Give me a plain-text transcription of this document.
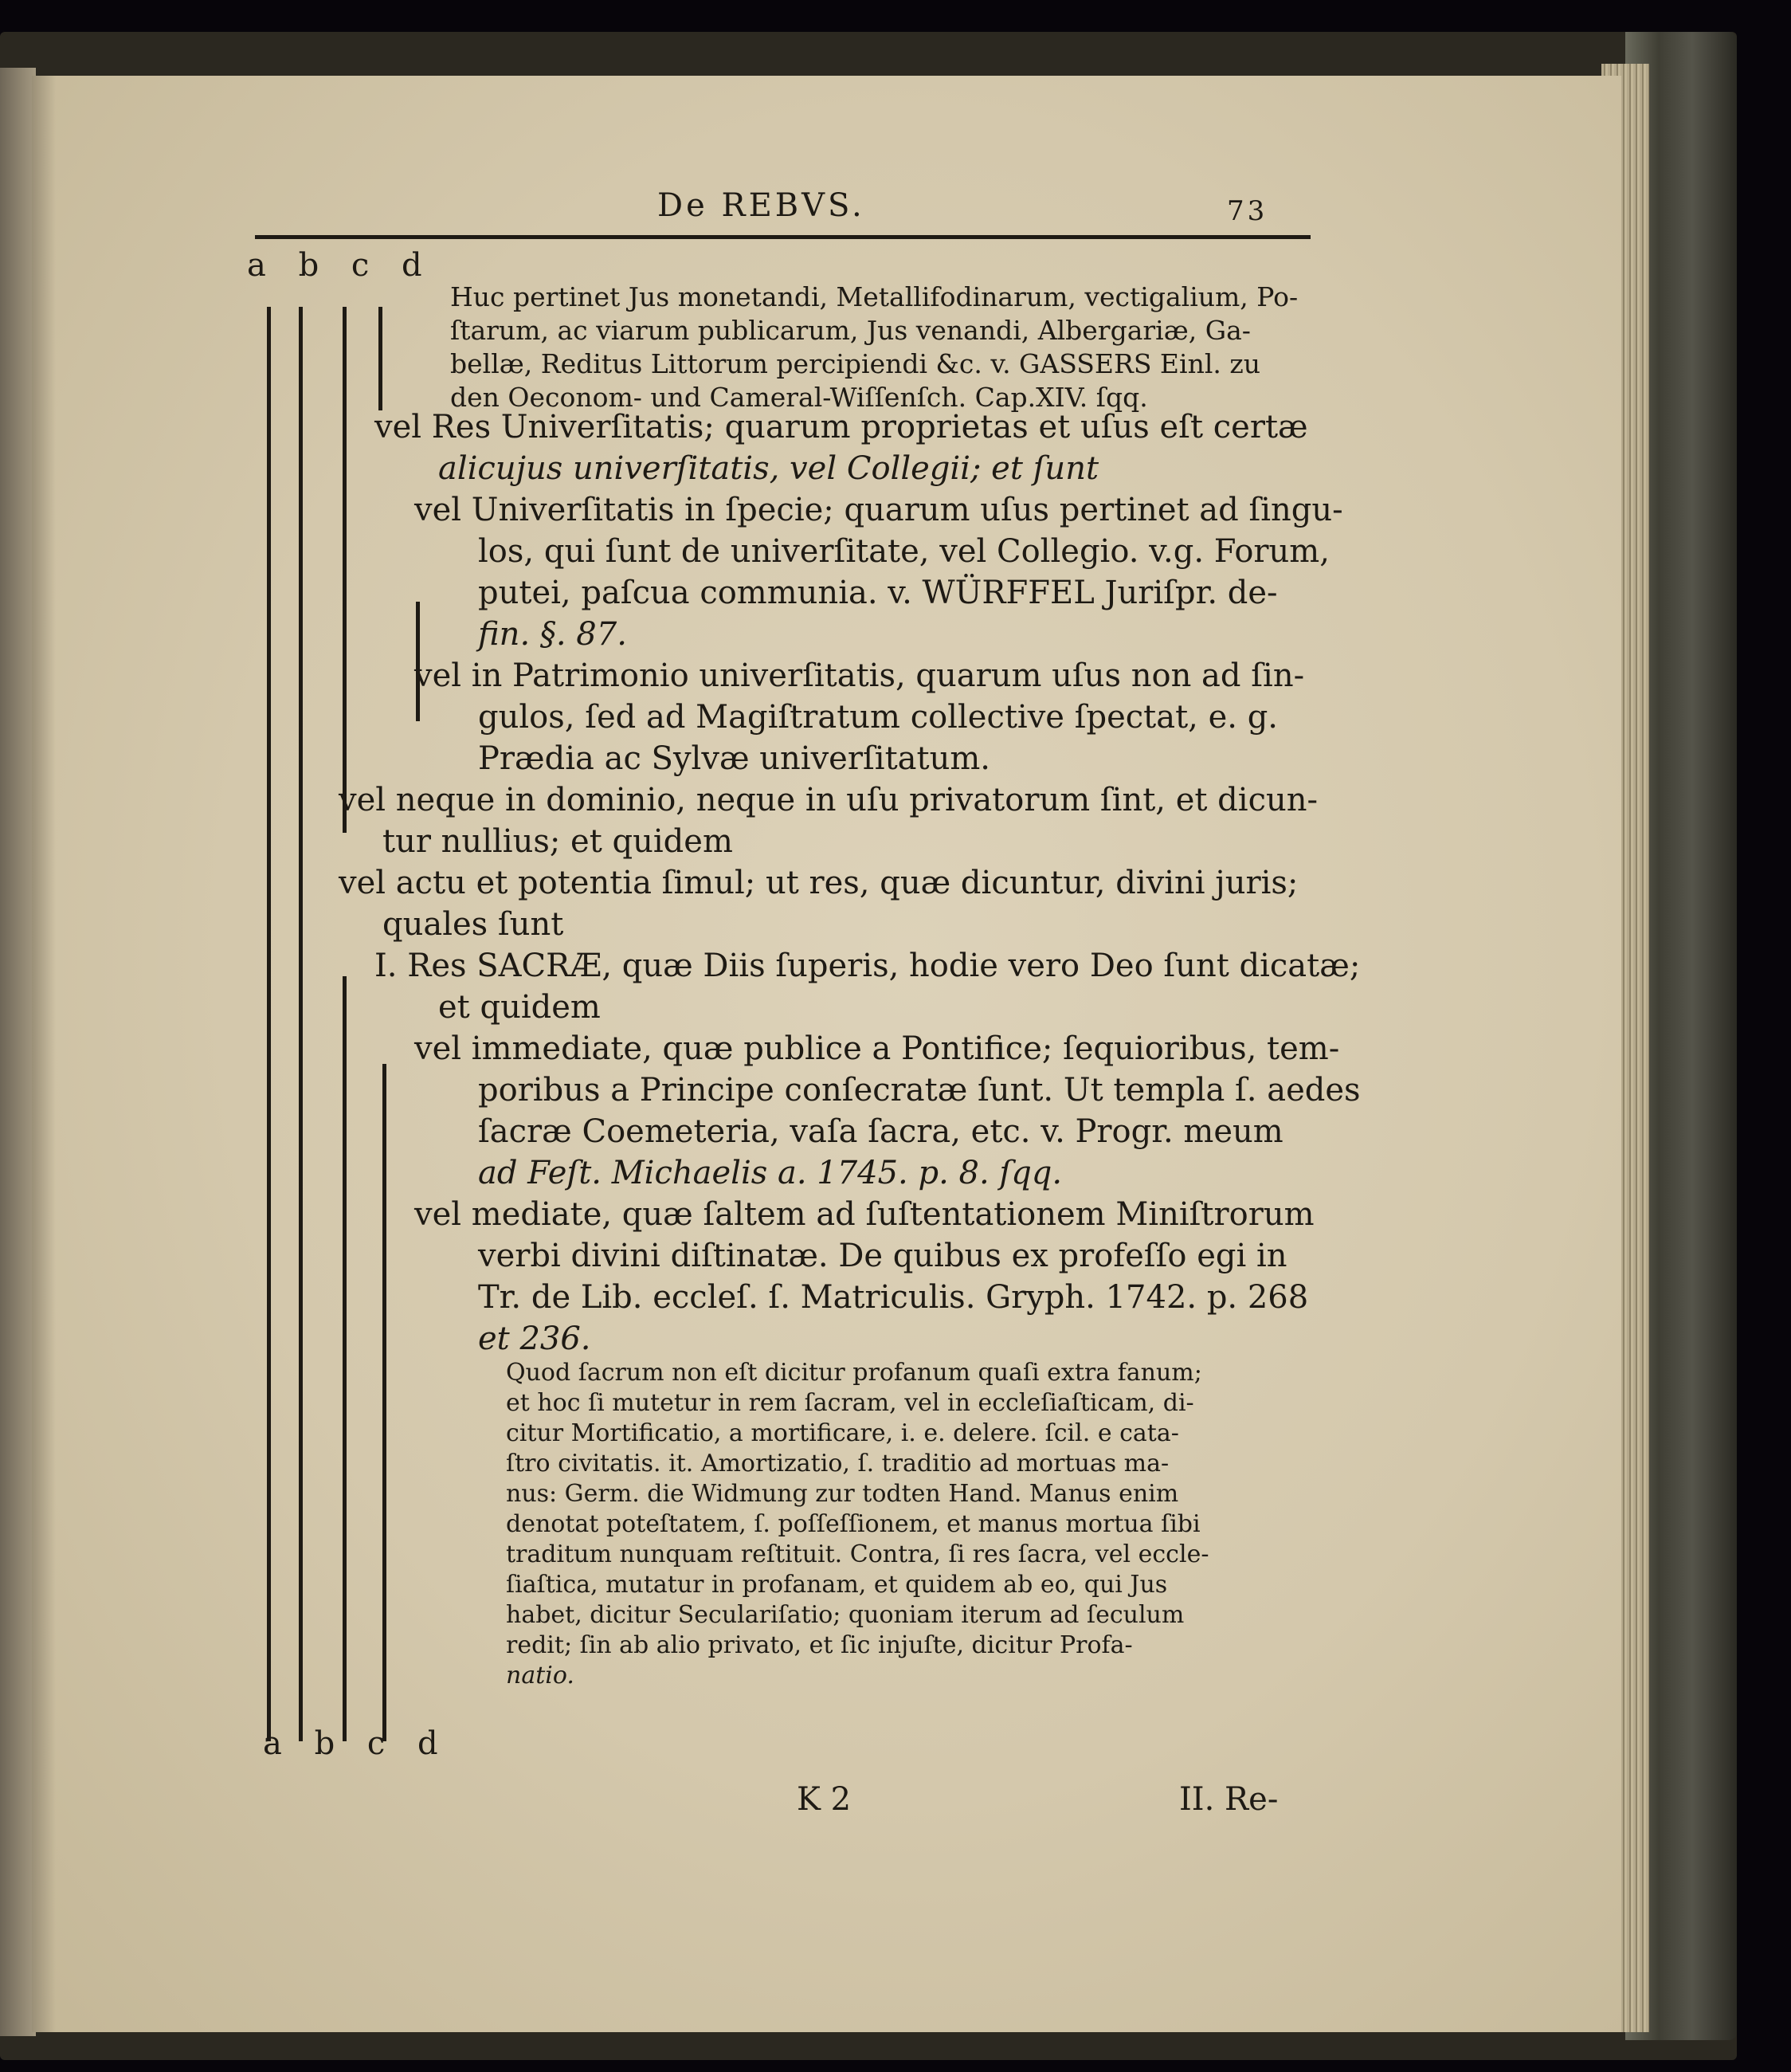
De REBVS.	73
a b c d
Huc pertinet Jus monetandi, Metallifodinarum, vectigalium, Po-
ſtarum, ac viarum publicarum, Jus venandi, Albergariæ, Ga-
bellæ, Reditus Littorum percipiendi &c. v. GASSERS Einl. zu
den Oeconom- und Cameral-Wiſſenſch. Cap.XIV. ſqq.
vel Res Univerſitatis; quarum proprietas et uſus eſt certæ
alicujus univerſitatis, vel Collegii; et ſunt
vel Univerſitatis in ſpecie; quarum uſus pertinet ad ſingu-
los, qui ſunt de univerſitate, vel Collegio. v.g. Forum,
putei, paſcua communia. v. WÜRFFEL Juriſpr. de-
fin. §. 87.
vel in Patrimonio univerſitatis, quarum uſus non ad ſin-
gulos, ſed ad Magiſtratum collective ſpectat, e. g.
Prædia ac Sylvæ univerſitatum.
vel neque in dominio, neque in uſu privatorum ſint, et dicun-
tur nullius; et quidem
vel actu et potentia ſimul; ut res, quæ dicuntur, divini juris;
quales ſunt
I. Res SACRÆ, quæ Diis ſuperis, hodie vero Deo ſunt dicatæ;
et quidem
vel immediate, quæ publice a Pontifice; ſequioribus, tem-
poribus a Principe conſecratæ ſunt. Ut templa ſ. aedes
ſacræ Coemeteria, vaſa ſacra, etc. v. Progr. meum
ad Feſt. Michaelis a. 1745. p. 8. ſqq.
vel mediate, quæ ſaltem ad ſuſtentationem Miniſtrorum
verbi divini diſtinatæ. De quibus ex profeſſo egi in
Tr. de Lib. eccleſ. ſ. Matriculis. Gryph. 1742. p. 268
et 236.
Quod ſacrum non eſt dicitur profanum quaſi extra fanum;
et hoc ſi mutetur in rem ſacram, vel in eccleſiaſticam, di-
citur Mortificatio, a mortificare, i. e. delere. ſcil. e cata-
ſtro civitatis. it. Amortizatio, ſ. traditio ad mortuas ma-
nus: Germ. die Widmung zur todten Hand. Manus enim
denotat poteſtatem, ſ. poſſeſſionem, et manus mortua ſibi
traditum nunquam reſtituit. Contra, ſi res ſacra, vel eccle-
ſiaſtica, mutatur in profanam, et quidem ab eo, qui Jus
habet, dicitur Seculariſatio; quoniam iterum ad ſeculum
redit; ſin ab alio privato, et ſic injuſte, dicitur Profa-
natio.
a b c d
K 2	II. Re-
